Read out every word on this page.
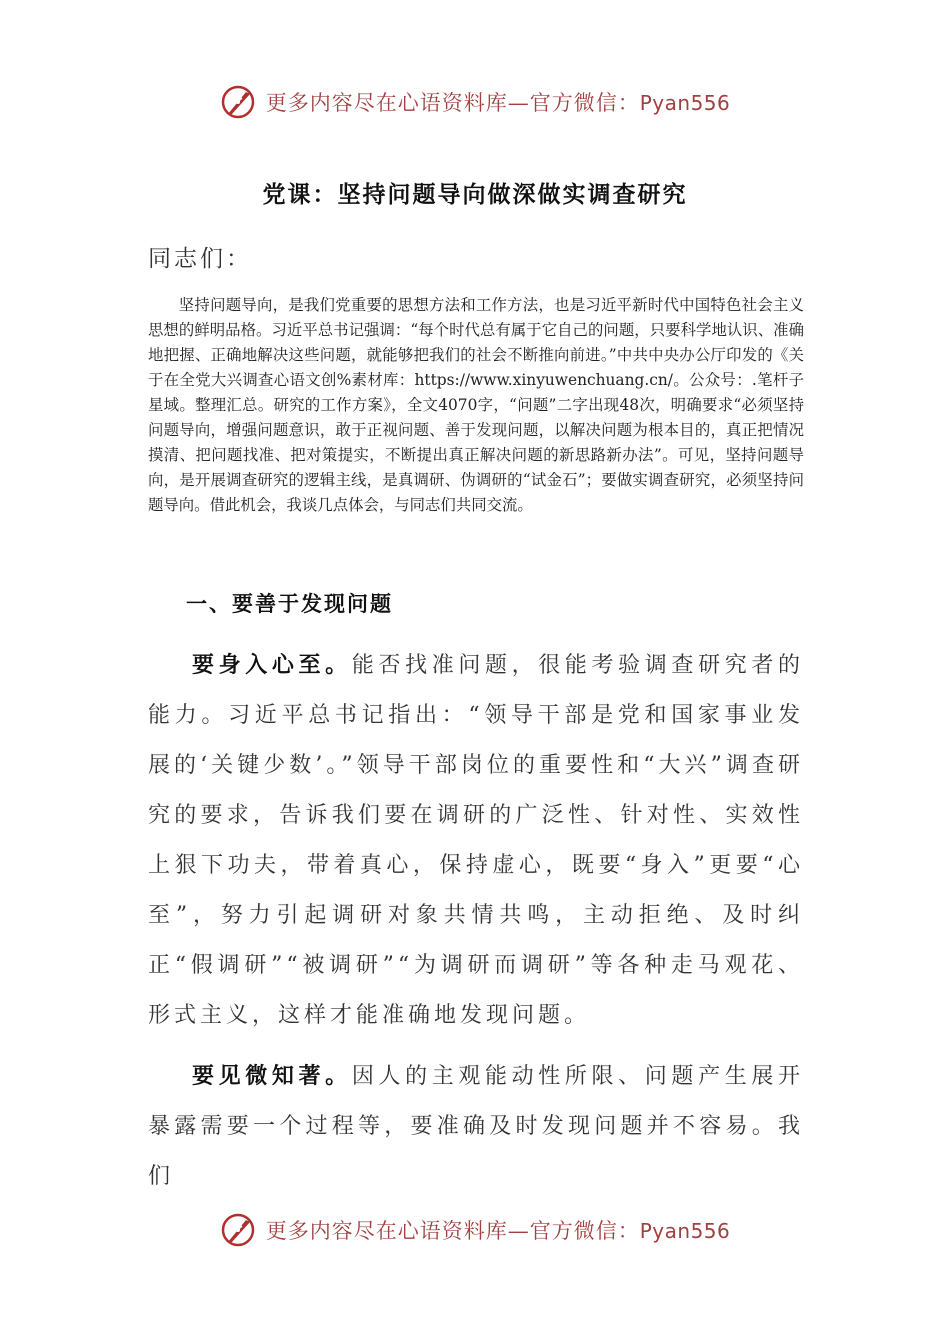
更多内容尽在心语资料库—官方微信：Pyan556
党课：坚持问题导向做深做实调查研究
同志们：

坚持问题导向，是我们党重要的思想方法和工作方法，也是习近平新时代中国特色社会主义思想的鲜明品格。习近平总书记强调：“每个时代总有属于它自己的问题，只要科学地认识、准确地把握、正确地解决这些问题，就能够把我们的社会不断推向前进。”中共中央办公厅印发的《关于在全党大兴调查心语文创%素材库：https://www.xinyuwenchuang.cn/。公众号：.笔杆子星域。整理汇总。研究的工作方案》，全文4070字，“问题”二字出现48次，明确要求“必须坚持问题导向，增强问题意识，敢于正视问题、善于发现问题，以解决问题为根本目的，真正把情况摸清、把问题找准、把对策提实，不断提出真正解决问题的新思路新办法”。可见，坚持问题导向，是开展调查研究的逻辑主线，是真调研、伪调研的“试金石”；要做实调查研究，必须坚持问题导向。借此机会，我谈几点体会，与同志们共同交流。

一、要善于发现问题

要身入心至。能否找准问题，很能考验调查研究者的能力。习近平总书记指出：“领导干部是党和国家事业发展的‘关键少数’。”领导干部岗位的重要性和“大兴”调查研究的要求，告诉我们要在调研的广泛性、针对性、实效性上狠下功夫，带着真心，保持虚心，既要“身入”更要“心至”，努力引起调研对象共情共鸣，主动拒绝、及时纠正“假调研”“被调研”“为调研而调研”等各种走马观花、形式主义，这样才能准确地发现问题。

要见微知著。因人的主观能动性所限、问题产生展开暴露需要一个过程等，要准确及时发现问题并不容易。我们

更多内容尽在心语资料库—官方微信：Pyan556
